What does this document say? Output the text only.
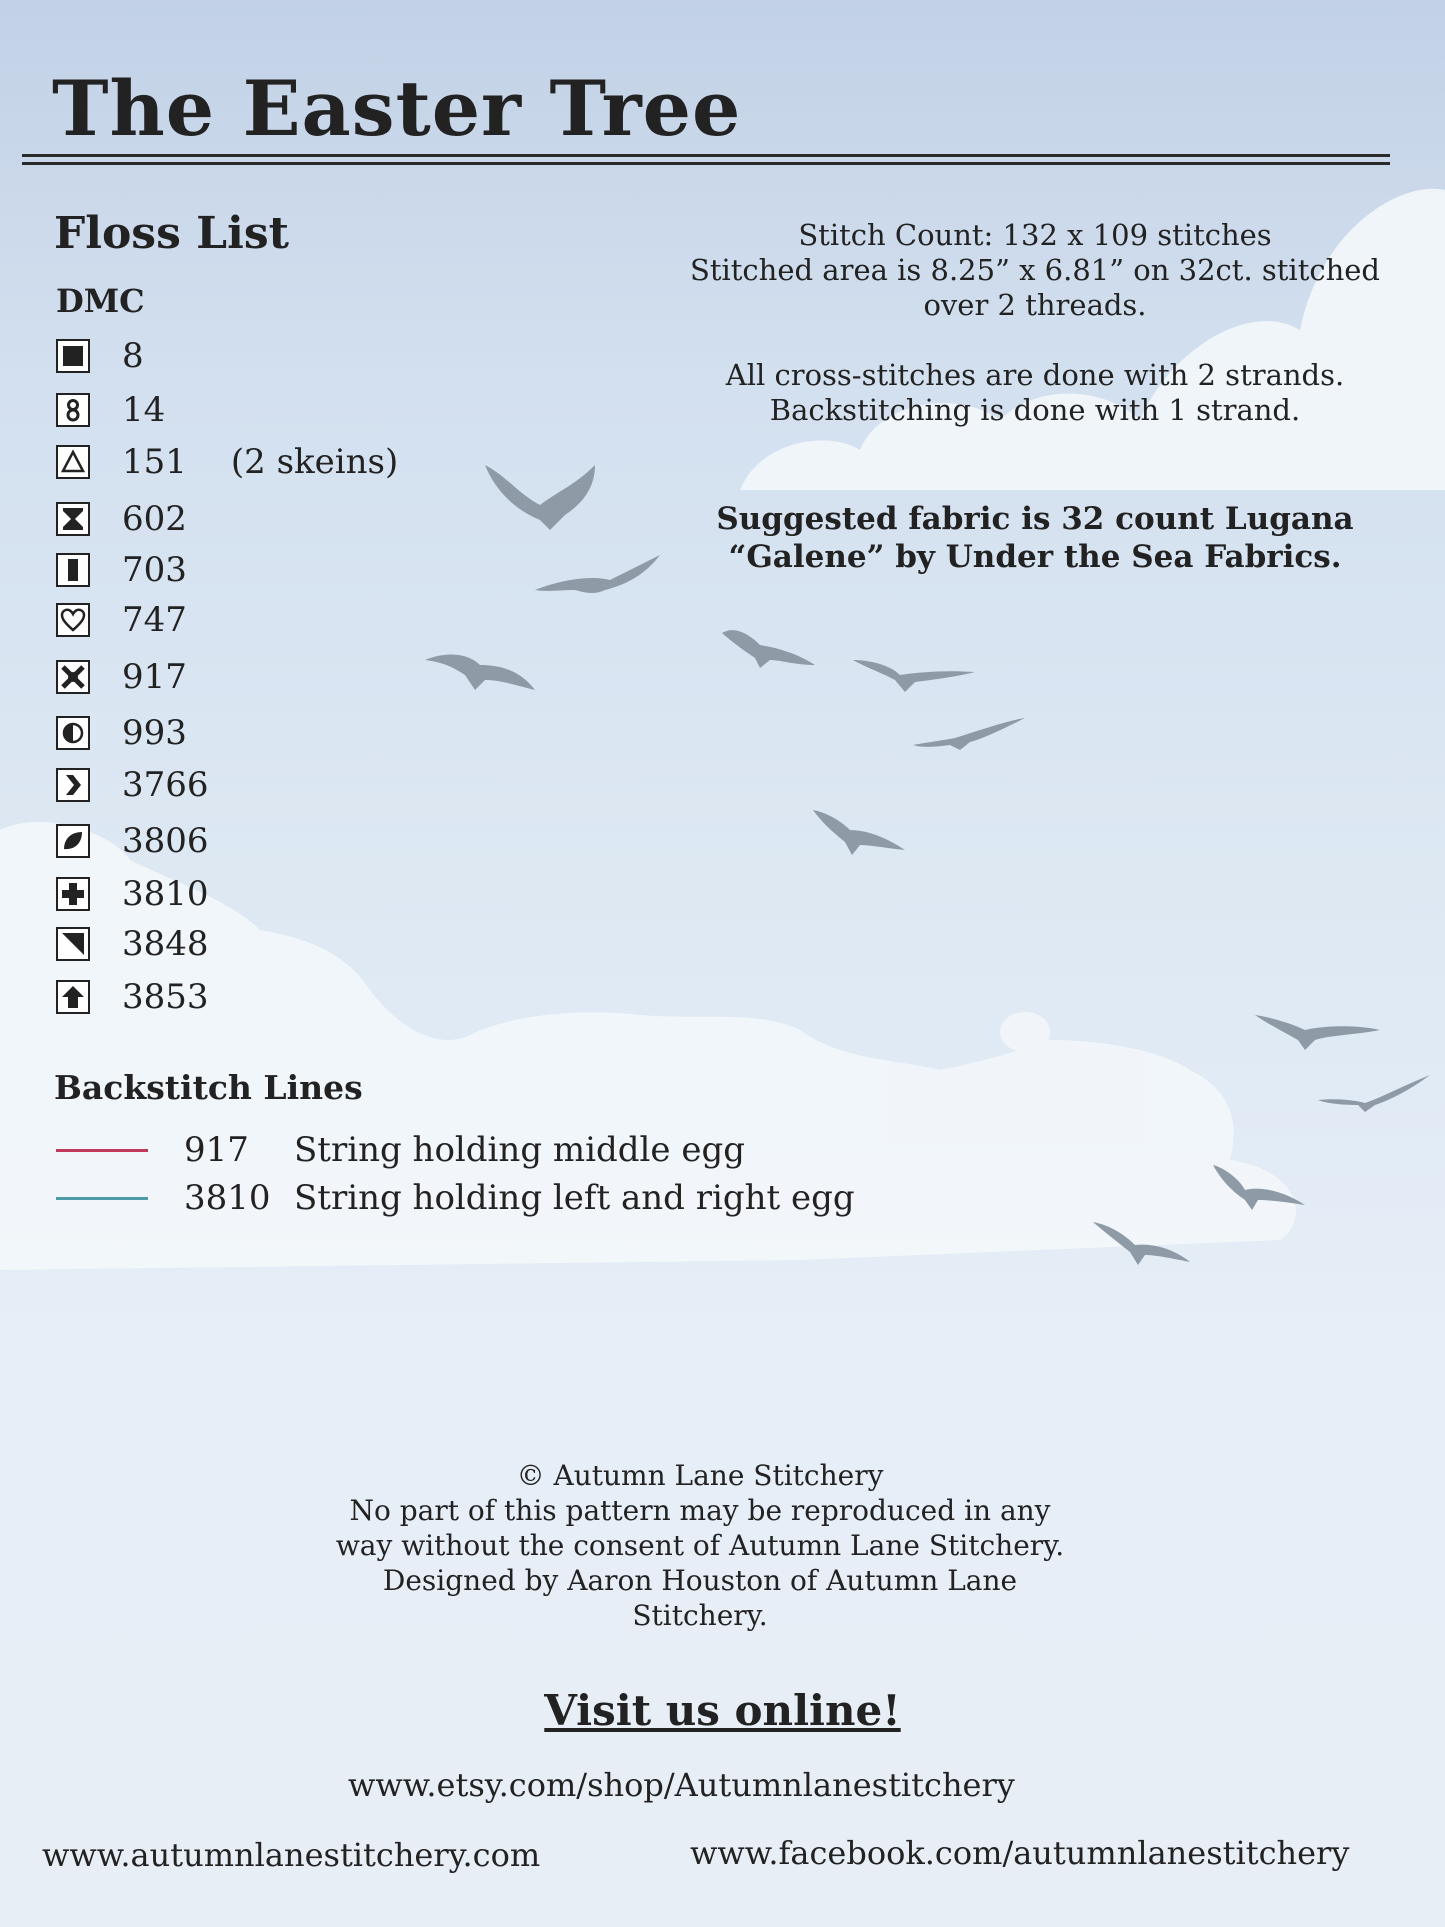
The Easter Tree
Floss List
DMC
8
14
151 (2 skeins)
602
703
747
917
993
3766
3806
3810
3848
3853
Stitch Count: 132 x 109 stitches
Stitched area is 8.25” x 6.81” on 32ct. stitched
over 2 threads.
All cross-stitches are done with 2 strands.
Backstitching is done with 1 strand.
Suggested fabric is 32 count Lugana
“Galene” by Under the Sea Fabrics.
Backstitch Lines
917	String holding middle egg
3810 String holding left and right egg
© Autumn Lane Stitchery
No part of this pattern may be reproduced in any
way without the consent of Autumn Lane Stitchery.
Designed by Aaron Houston of Autumn Lane
Stitchery.
Visit us online!
www.etsy.com/shop/Autumnlanestitchery
www.autumnlanestitchery.com	www.facebook.com/autumnlanestitchery
